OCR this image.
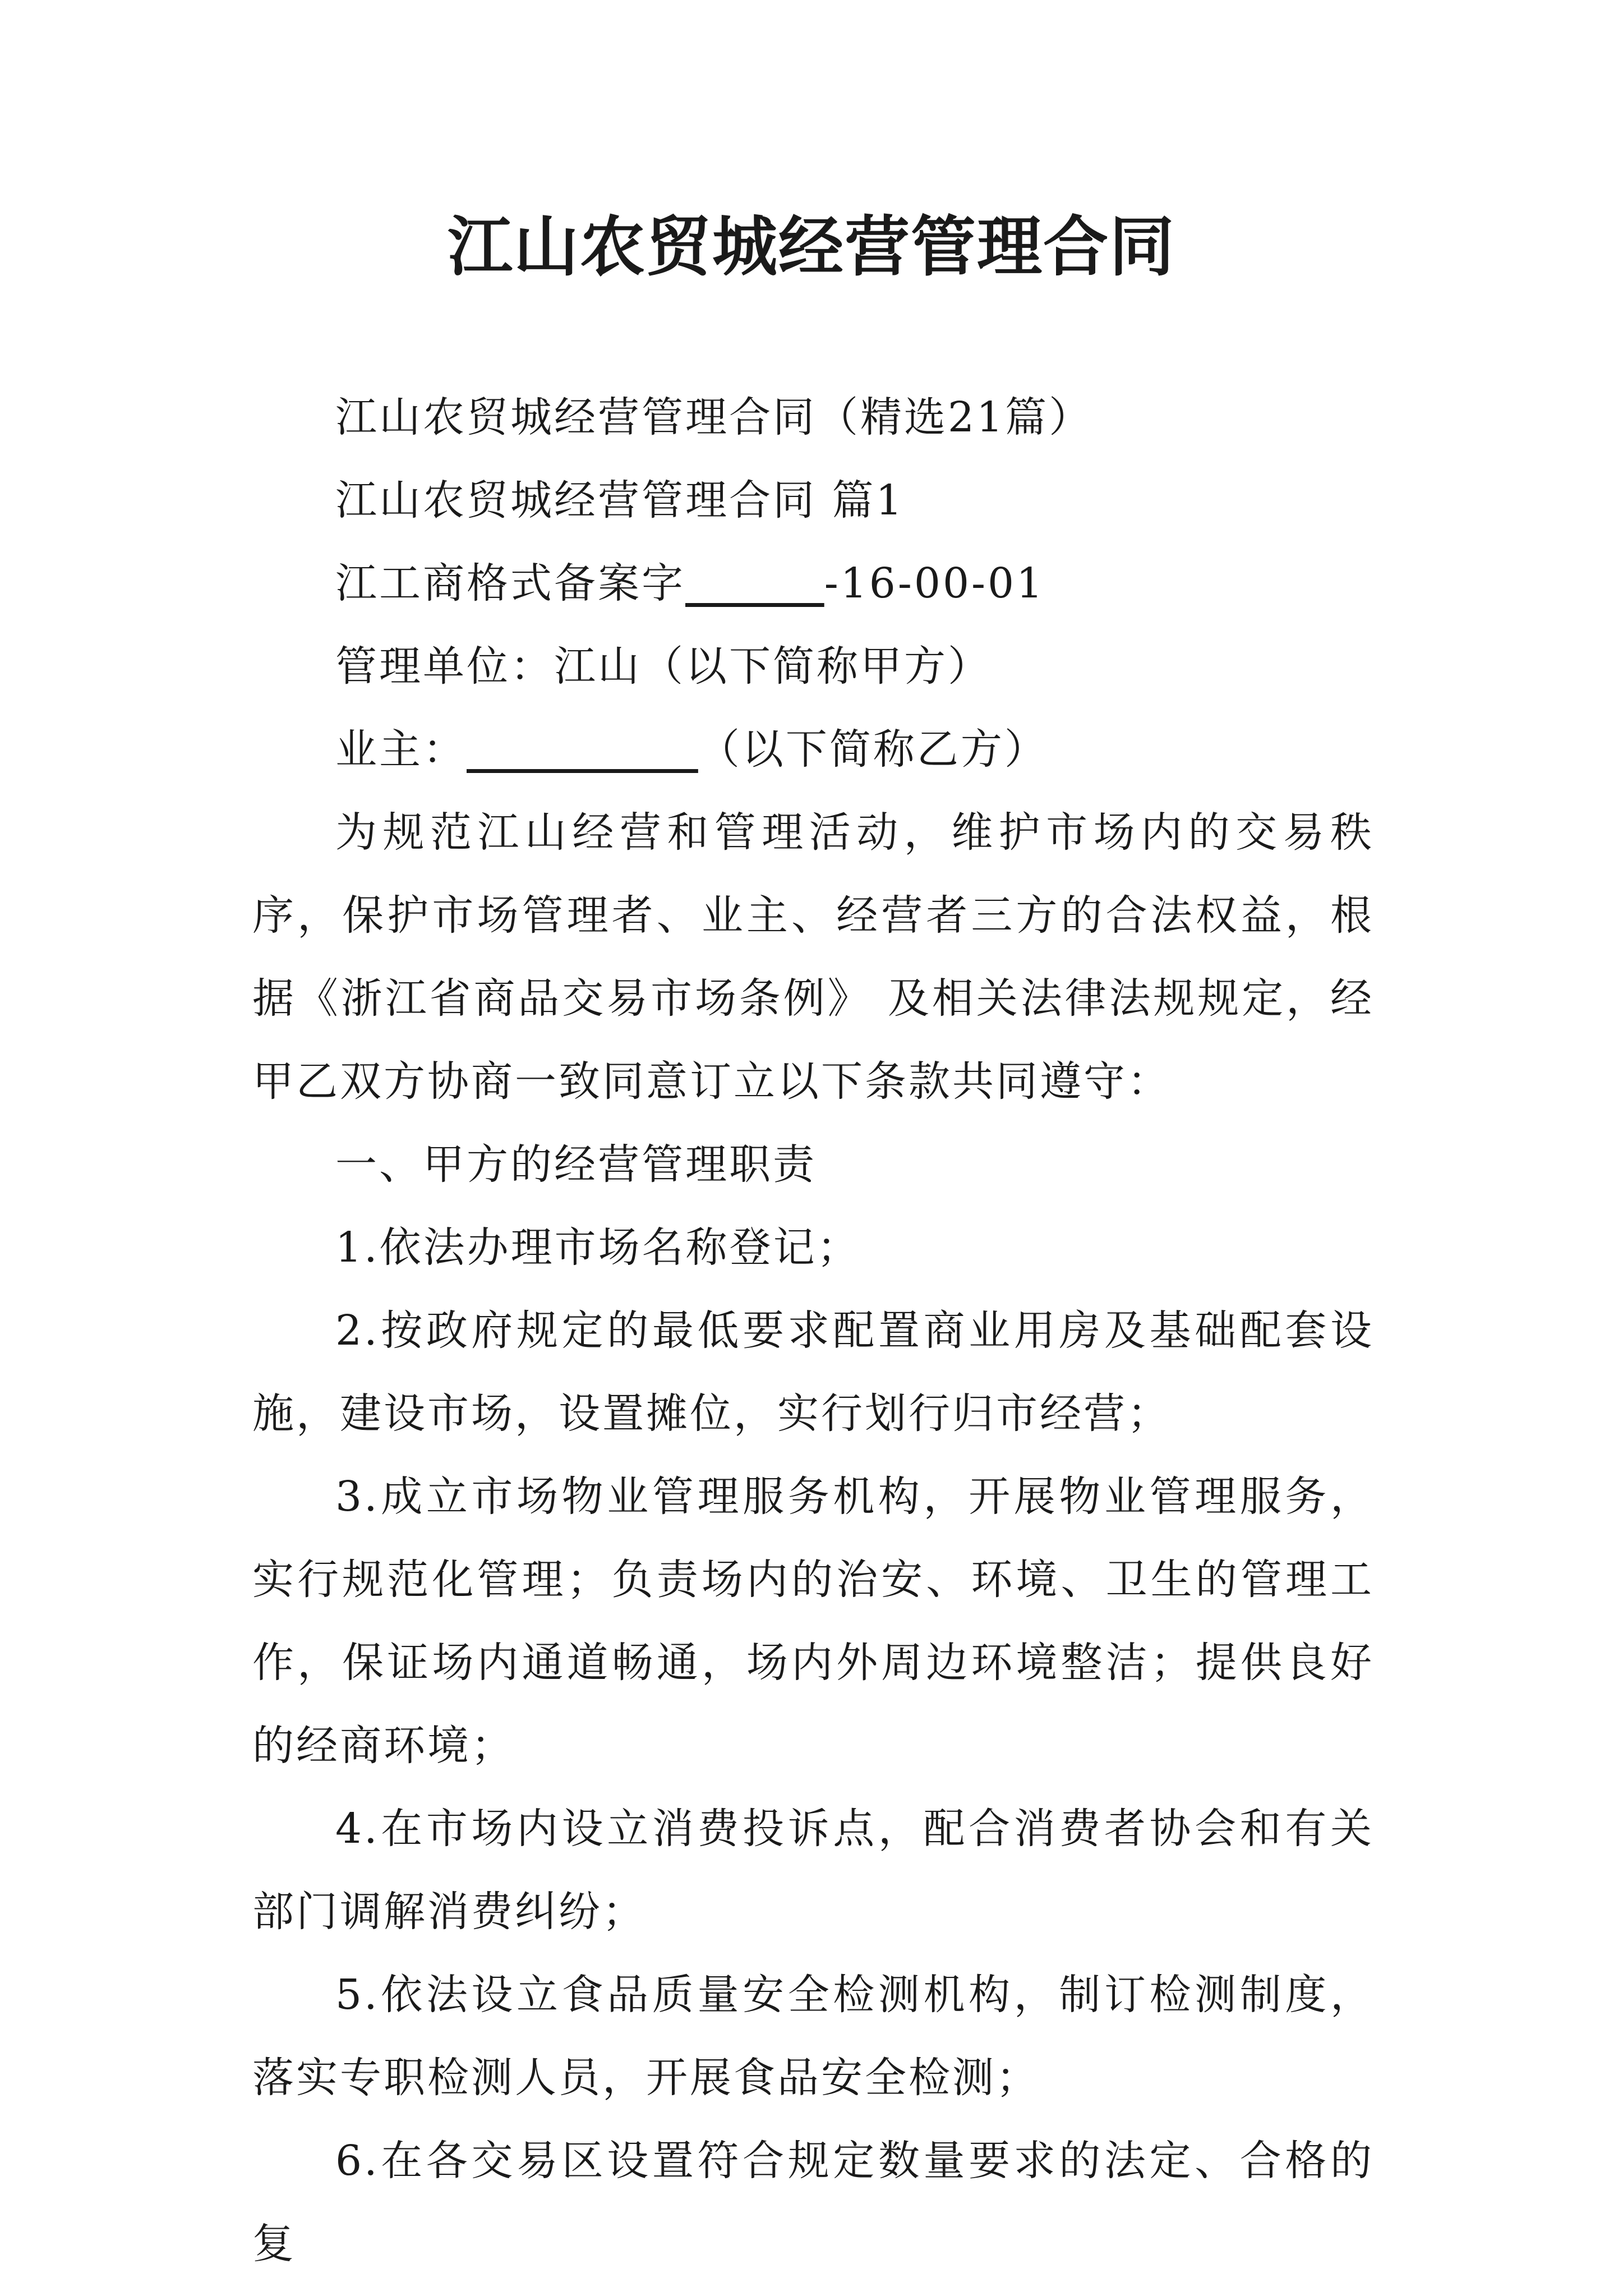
江山农贸城经营管理合同

江山农贸城经营管理合同（精选21篇）

江山农贸城经营管理合同 篇1

江工商格式备案字	-16-00-01

管理单位：江山（以下简称甲方）

业主：	（以下简称乙方）

为规范江山经营和管理活动，维护市场内的交易秩序，保护市场管理者、业主、经营者三方的合法权益，根据《浙江省商品交易市场条例》 及相关法律法规规定，经甲乙双方协商一致同意订立以下条款共同遵守：

一、甲方的经营管理职责

1.依法办理市场名称登记；

2.按政府规定的最低要求配置商业用房及基础配套设施，建设市场，设置摊位，实行划行归市经营；

3.成立市场物业管理服务机构，开展物业管理服务，实行规范化管理；负责场内的治安、环境、卫生的管理工作，保证场内通道畅通，场内外周边环境整洁；提供良好的经商环境；

4.在市场内设立消费投诉点，配合消费者协会和有关部门调解消费纠纷；

5.依法设立食品质量安全检测机构，制订检测制度，落实专职检测人员，开展食品安全检测；

6.在各交易区设置符合规定数量要求的法定、合格的复
